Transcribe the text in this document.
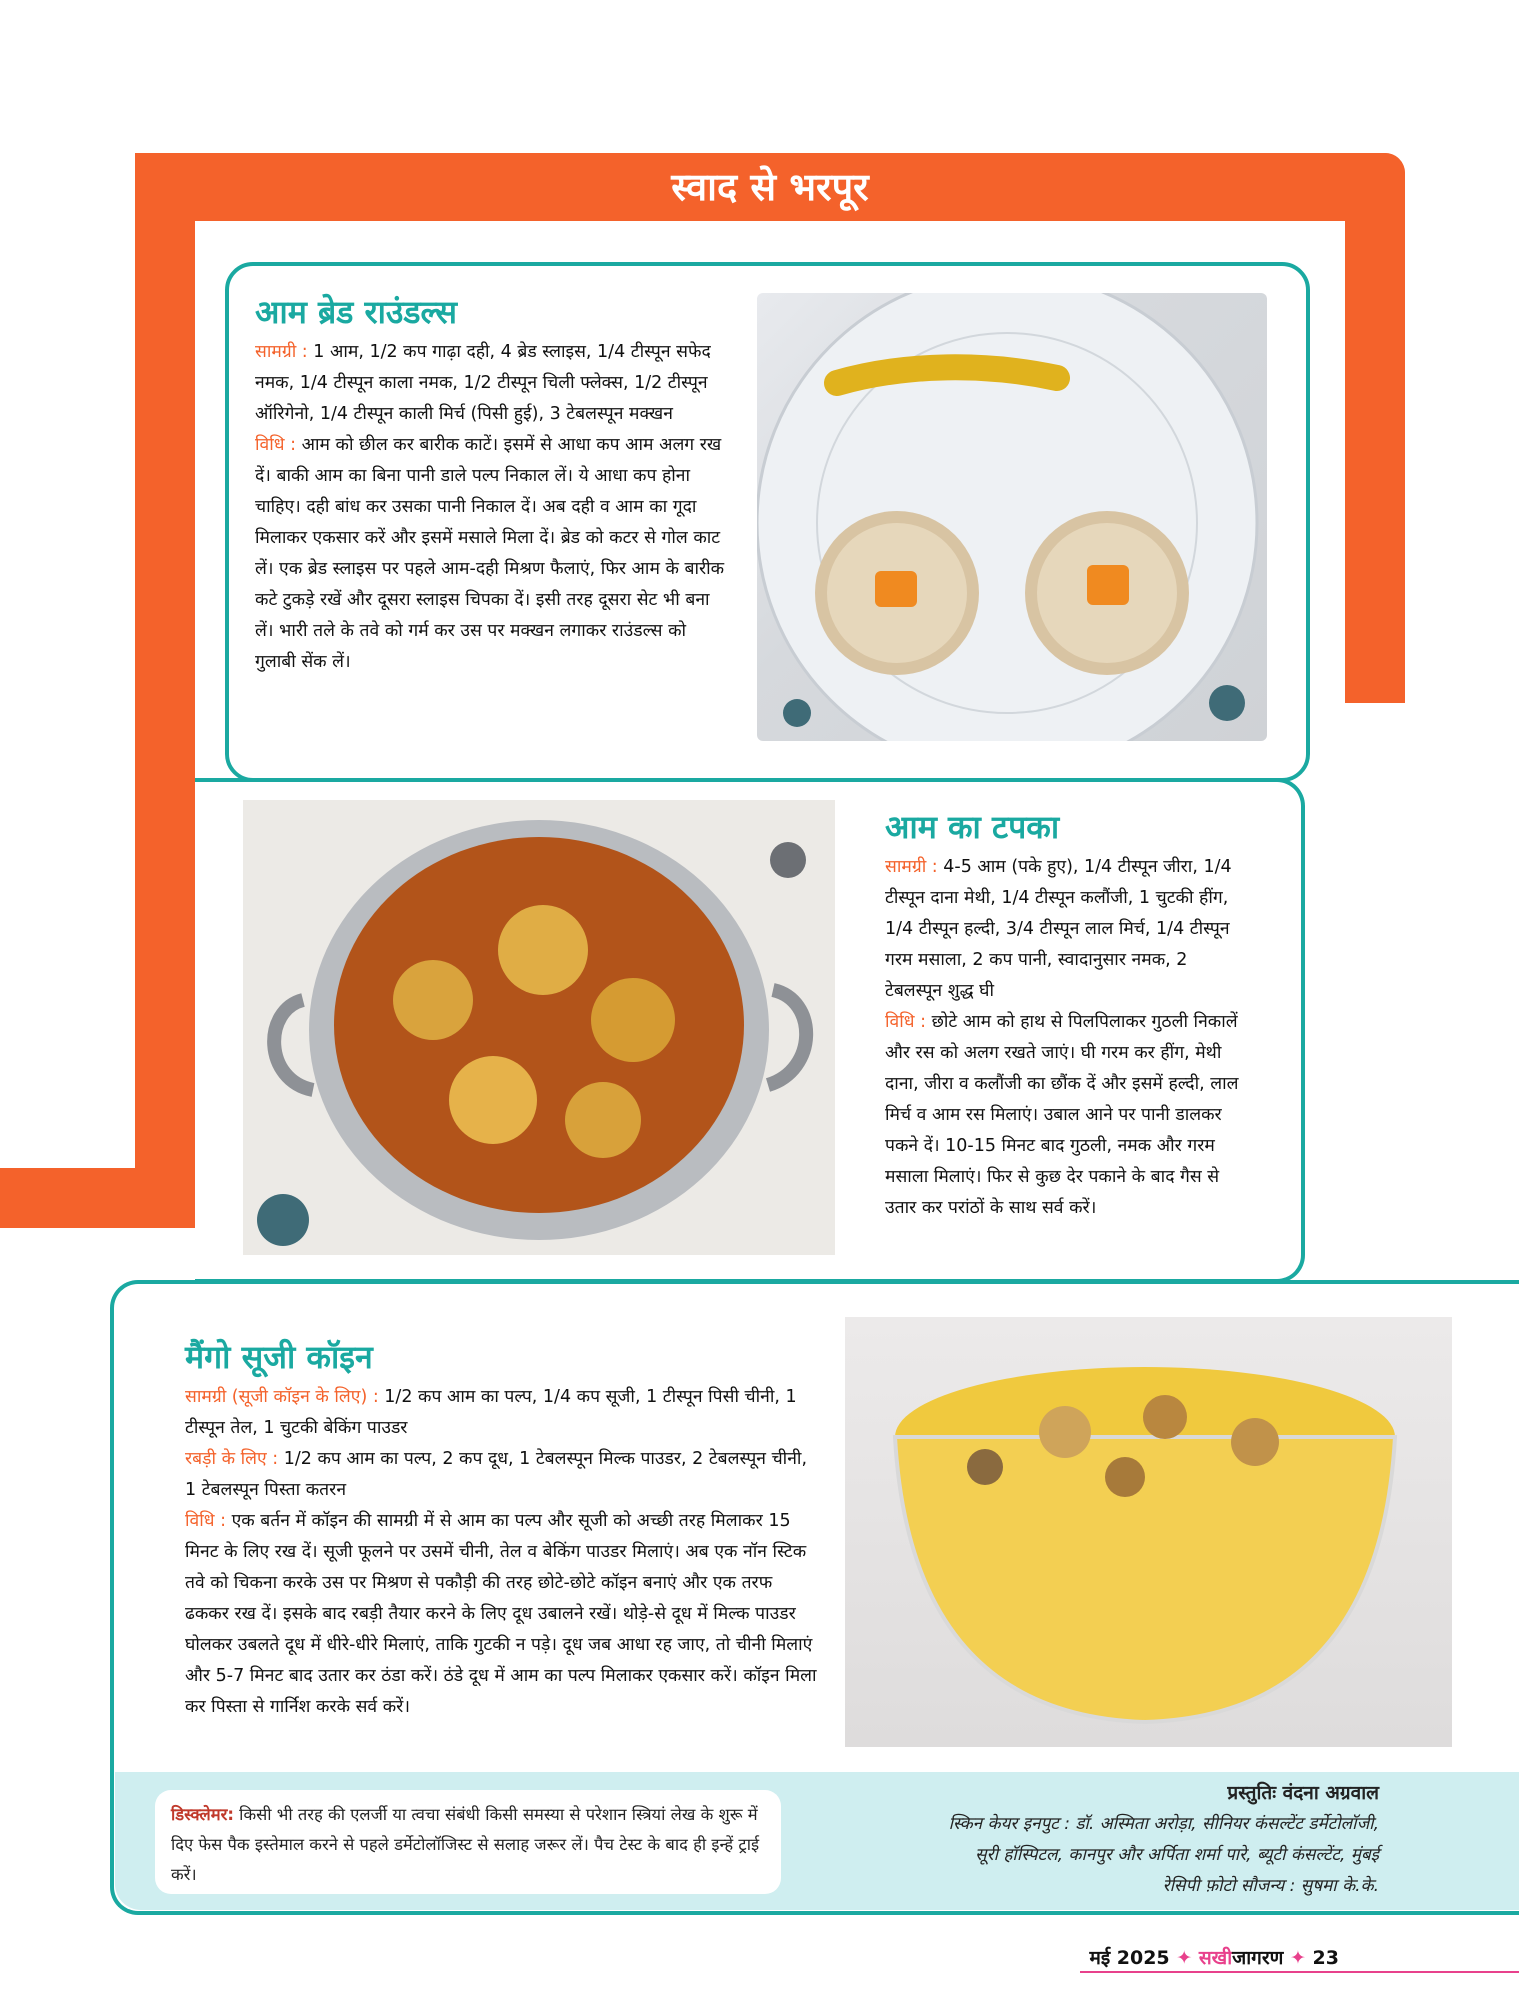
स्वाद से भरपूर
आम ब्रेड राउंडल्स
सामग्री : 1 आम, 1/2 कप गाढ़ा दही, 4 ब्रेड स्लाइस, 1/4 टीस्पून सफेद नमक, 1/4 टीस्पून काला नमक, 1/2 टीस्पून चिली फ्लेक्स, 1/2 टीस्पून ऑरिगेनो, 1/4 टीस्पून काली मिर्च (पिसी हुई), 3 टेबलस्पून मक्खन
विधि : आम को छील कर बारीक काटें। इसमें से आधा कप आम अलग रख दें। बाकी आम का बिना पानी डाले पल्प निकाल लें। ये आधा कप होना चाहिए। दही बांध कर उसका पानी निकाल दें। अब दही व आम का गूदा मिलाकर एकसार करें और इसमें मसाले मिला दें। ब्रेड को कटर से गोल काट लें। एक ब्रेड स्लाइस पर पहले आम-दही मिश्रण फैलाएं, फिर आम के बारीक कटे टुकड़े रखें और दूसरा स्लाइस चिपका दें। इसी तरह दूसरा सेट भी बना लें। भारी तले के तवे को गर्म कर उस पर मक्खन लगाकर राउंडल्स को गुलाबी सेंक लें।
आम का टपका
सामग्री : 4-5 आम (पके हुए), 1/4 टीस्पून जीरा, 1/4 टीस्पून दाना मेथी, 1/4 टीस्पून कलौंजी, 1 चुटकी हींग, 1/4 टीस्पून हल्दी, 3/4 टीस्पून लाल मिर्च, 1/4 टीस्पून गरम मसाला, 2 कप पानी, स्वादानुसार नमक, 2 टेबलस्पून शुद्ध घी
विधि : छोटे आम को हाथ से पिलपिलाकर गुठली निकालें और रस को अलग रखते जाएं। घी गरम कर हींग, मेथी दाना, जीरा व कलौंजी का छौंक दें और इसमें हल्दी, लाल मिर्च व आम रस मिलाएं। उबाल आने पर पानी डालकर पकने दें। 10-15 मिनट बाद गुठली, नमक और गरम मसाला मिलाएं। फिर से कुछ देर पकाने के बाद गैस से उतार कर परांठों के साथ सर्व करें।
मैंगो सूजी कॉइन
सामग्री (सूजी कॉइन के लिए) : 1/2 कप आम का पल्प, 1/4 कप सूजी, 1 टीस्पून पिसी चीनी, 1 टीस्पून तेल, 1 चुटकी बेकिंग पाउडर
रबड़ी के लिए : 1/2 कप आम का पल्प, 2 कप दूध, 1 टेबलस्पून मिल्क पाउडर, 2 टेबलस्पून चीनी, 1 टेबलस्पून पिस्ता कतरन
विधि : एक बर्तन में कॉइन की सामग्री में से आम का पल्प और सूजी को अच्छी तरह मिलाकर 15 मिनट के लिए रख दें। सूजी फूलने पर उसमें चीनी, तेल व बेकिंग पाउडर मिलाएं। अब एक नॉन स्टिक तवे को चिकना करके उस पर मिश्रण से पकौड़ी की तरह छोटे-छोटे कॉइन बनाएं और एक तरफ ढककर रख दें। इसके बाद रबड़ी तैयार करने के लिए दूध उबालने रखें। थोड़े-से दूध में मिल्क पाउडर घोलकर उबलते दूध में धीरे-धीरे मिलाएं, ताकि गुटकी न पड़े। दूध जब आधा रह जाए, तो चीनी मिलाएं और 5-7 मिनट बाद उतार कर ठंडा करें। ठंडे दूध में आम का पल्प मिलाकर एकसार करें। कॉइन मिला कर पिस्ता से गार्निश करके सर्व करें।
डिस्क्लेमर: किसी भी तरह की एलर्जी या त्वचा संबंधी किसी समस्या से परेशान स्त्रियां लेख के शुरू में दिए फेस पैक इस्तेमाल करने से पहले डर्मेटोलॉजिस्ट से सलाह जरूर लें। पैच टेस्ट के बाद ही इन्हें ट्राई करें।
प्रस्तुतिः वंदना अग्रवाल
स्किन केयर इनपुट : डॉ. अस्मिता अरोड़ा, सीनियर कंसल्टेंट डर्मेटोलॉजी,
सूरी हॉस्पिटल, कानपुर और अर्पिता शर्मा पारे, ब्यूटी कंसल्टेंट, मुंबई
रेसिपी फ़ोटो सौजन्य : सुषमा के.के.
मई 2025 ✦ सखीजागरण ✦ 23
